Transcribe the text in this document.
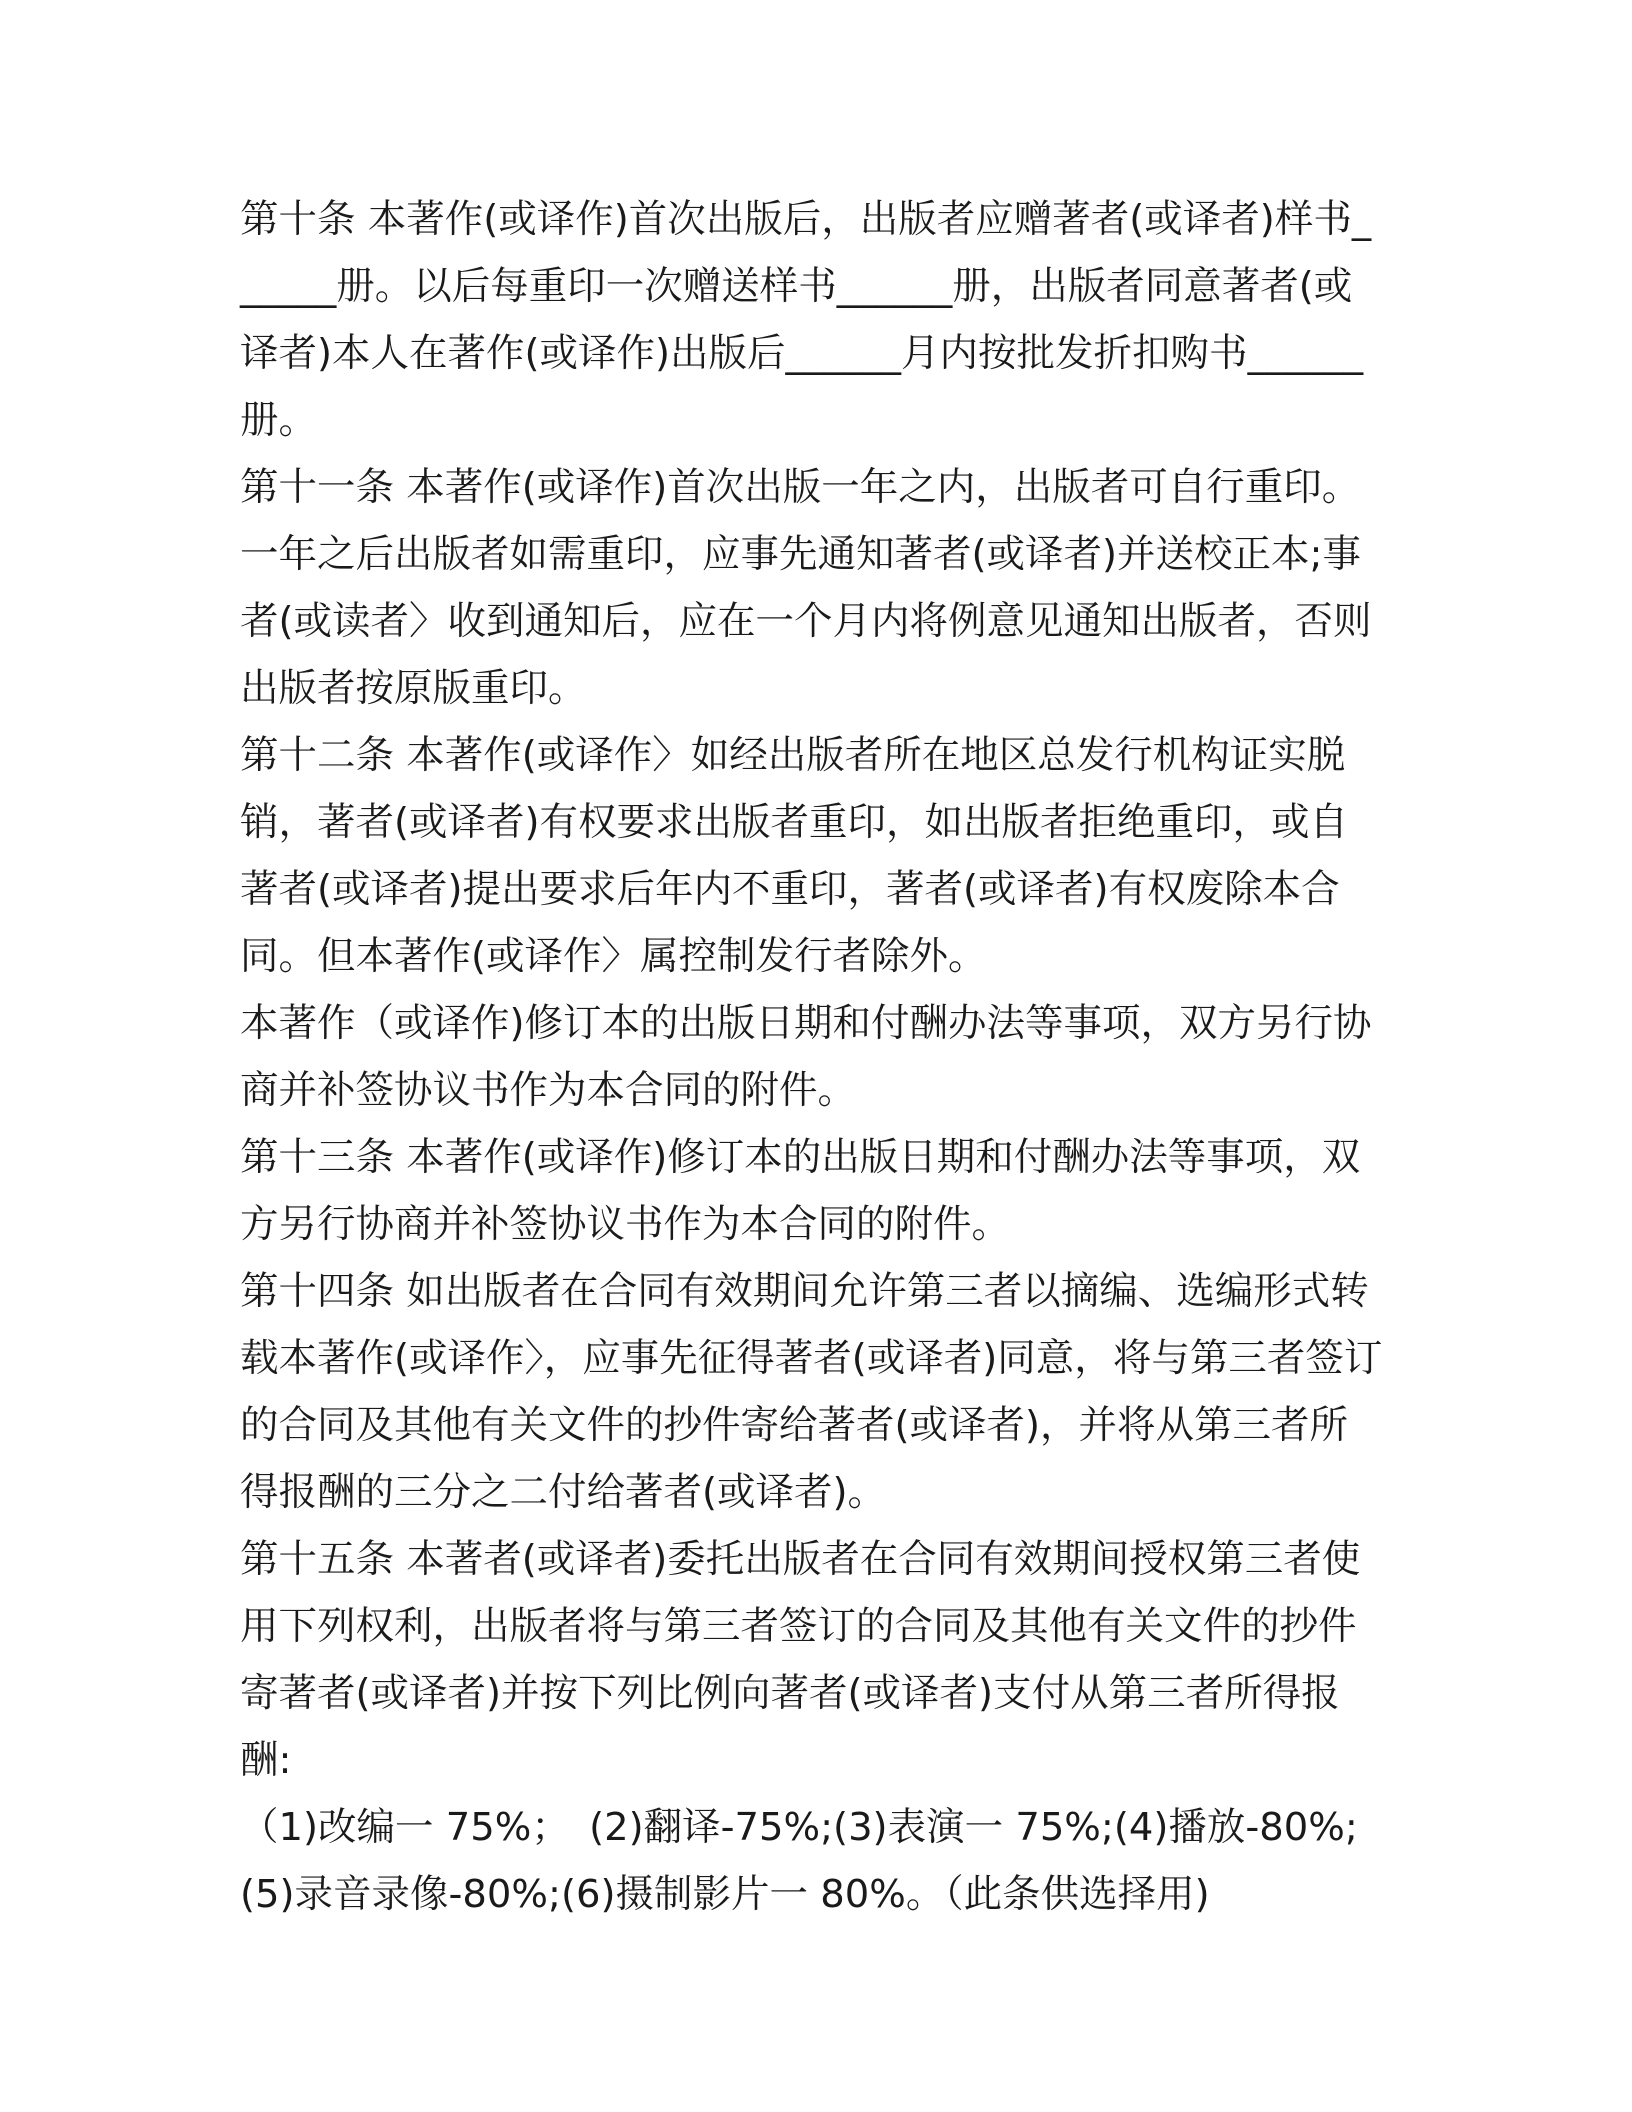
第十条 本著作(或译作)首次出版后，出版者应赠著者(或译者)样书______册。以后每重印一次赠送样书______册，出版者同意著者(或译者)本人在著作(或译作)出版后______月内按批发折扣购书______册。

第十一条 本著作(或译作)首次出版一年之内，出版者可自行重印。一年之后出版者如需重印，应事先通知著者(或译者)并送校正本;事者(或读者〉收到通知后，应在一个月内将例意见通知出版者，否则出版者按原版重印。

第十二条 本著作(或译作〉如经出版者所在地区总发行机构证实脱销，著者(或译者)有权要求出版者重印，如出版者拒绝重印，或自著者(或译者)提出要求后年内不重印，著者(或译者)有权废除本合同。但本著作(或译作〉属控制发行者除外。

本著作（或译作)修订本的出版日期和付酬办法等事项，双方另行协商并补签协议书作为本合同的附件。

第十三条 本著作(或译作)修订本的出版日期和付酬办法等事项，双方另行协商并补签协议书作为本合同的附件。

第十四条 如出版者在合同有效期间允许第三者以摘编、选编形式转载本著作(或译作〉，应事先征得著者(或译者)同意，将与第三者签订的合同及其他有关文件的抄件寄给著者(或译者)，并将从第三者所得报酬的三分之二付给著者(或译者)。

第十五条 本著者(或译者)委托出版者在合同有效期间授权第三者使用下列权利，出版者将与第三者签订的合同及其他有关文件的抄件寄著者(或译者)并按下列比例向著者(或译者)支付从第三者所得报酬:

（1)改编一 75%；　(2)翻译-75%;(3)表演一 75%;(4)播放-80%;(5)录音录像-80%;(6)摄制影片一 80%。（此条供选择用)
